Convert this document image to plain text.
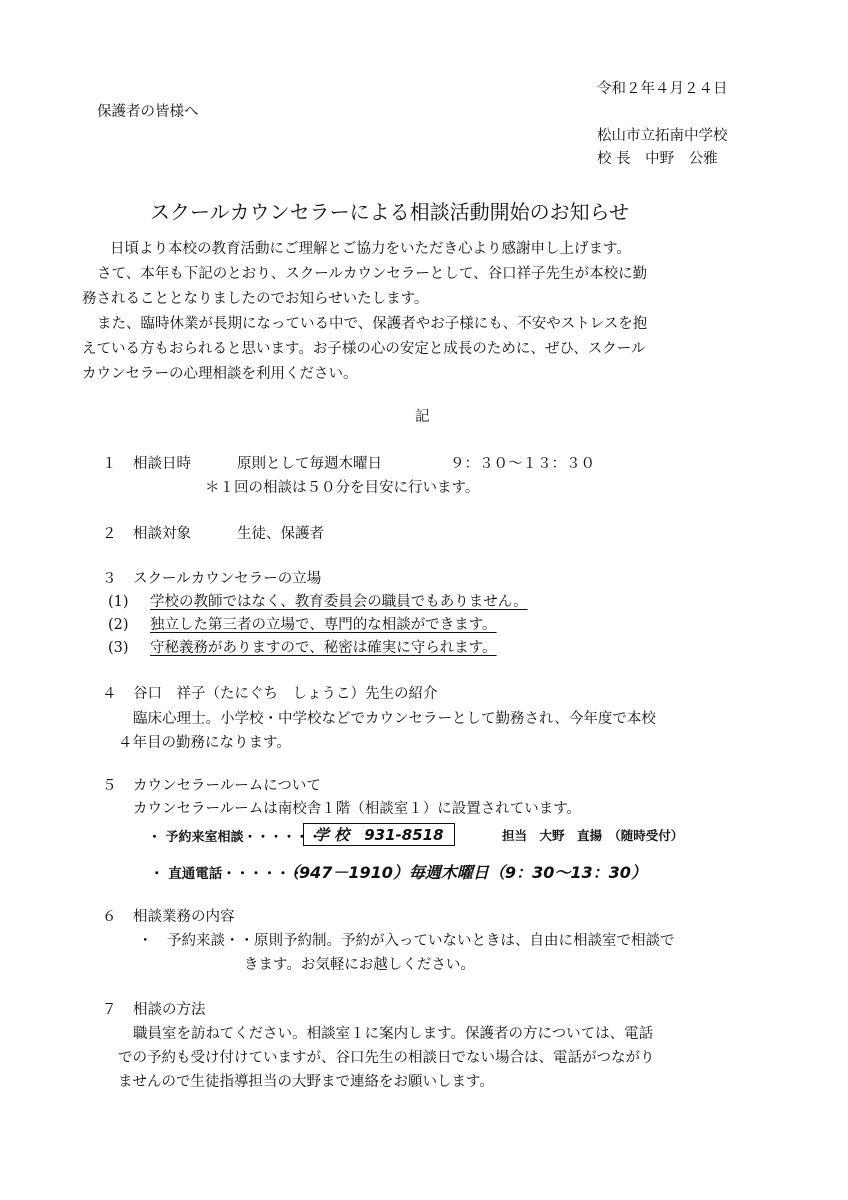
令和２年４月２４日
保護者の皆様へ
松山市立拓南中学校
校 長　中野　公雅
スクールカウンセラーによる相談活動開始のお知らせ
日頃より本校の教育活動にご理解とご協力をいただき心より感謝申し上げます。
さて、本年も下記のとおり、スクールカウンセラーとして、谷口祥子先生が本校に勤
務されることとなりましたのでお知らせいたします。
また、臨時休業が長期になっている中で、保護者やお子様にも、不安やストレスを抱
えている方もおられると思います。お子様の心の安定と成長のために、ぜひ、スクール
カウンセラーの心理相談を利用ください。
記
１ 相談日時	原則として毎週木曜日	９：３０～１３：３０
＊１回の相談は５０分を目安に行います。
２ 相談対象	生徒、保護者
３ スクールカウンセラーの立場
(1) 学校の教師ではなく、教育委員会の職員でもありません。
(2) 独立した第三者の立場で、専門的な相談ができます。
(3) 守秘義務がありますので、秘密は確実に守られます。
４ 谷口　祥子（たにぐち　しょうこ）先生の紹介
臨床心理士。小学校・中学校などでカウンセラーとして勤務され、今年度で本校
４年目の勤務になります。
５ カウンセラールームについて
カウンセラールームは南校舎１階（相談室１）に設置されています。
・ 予約来室相談・・・・・・
学 校　931-8518	担当　大野　直揚　（随時受付）
・ 直通電話・・・・・・
（947－1910）毎週木曜日（9：30～13：30）
６ 相談業務の内容
・　予約来談・・原則予約制。予約が入っていないときは、自由に相談室で相談で
きます。お気軽にお越しください。
７ 相談の方法
職員室を訪ねてください。相談室１に案内します。保護者の方については、電話
での予約も受け付けていますが、谷口先生の相談日でない場合は、電話がつながり
ませんので生徒指導担当の大野まで連絡をお願いします。
